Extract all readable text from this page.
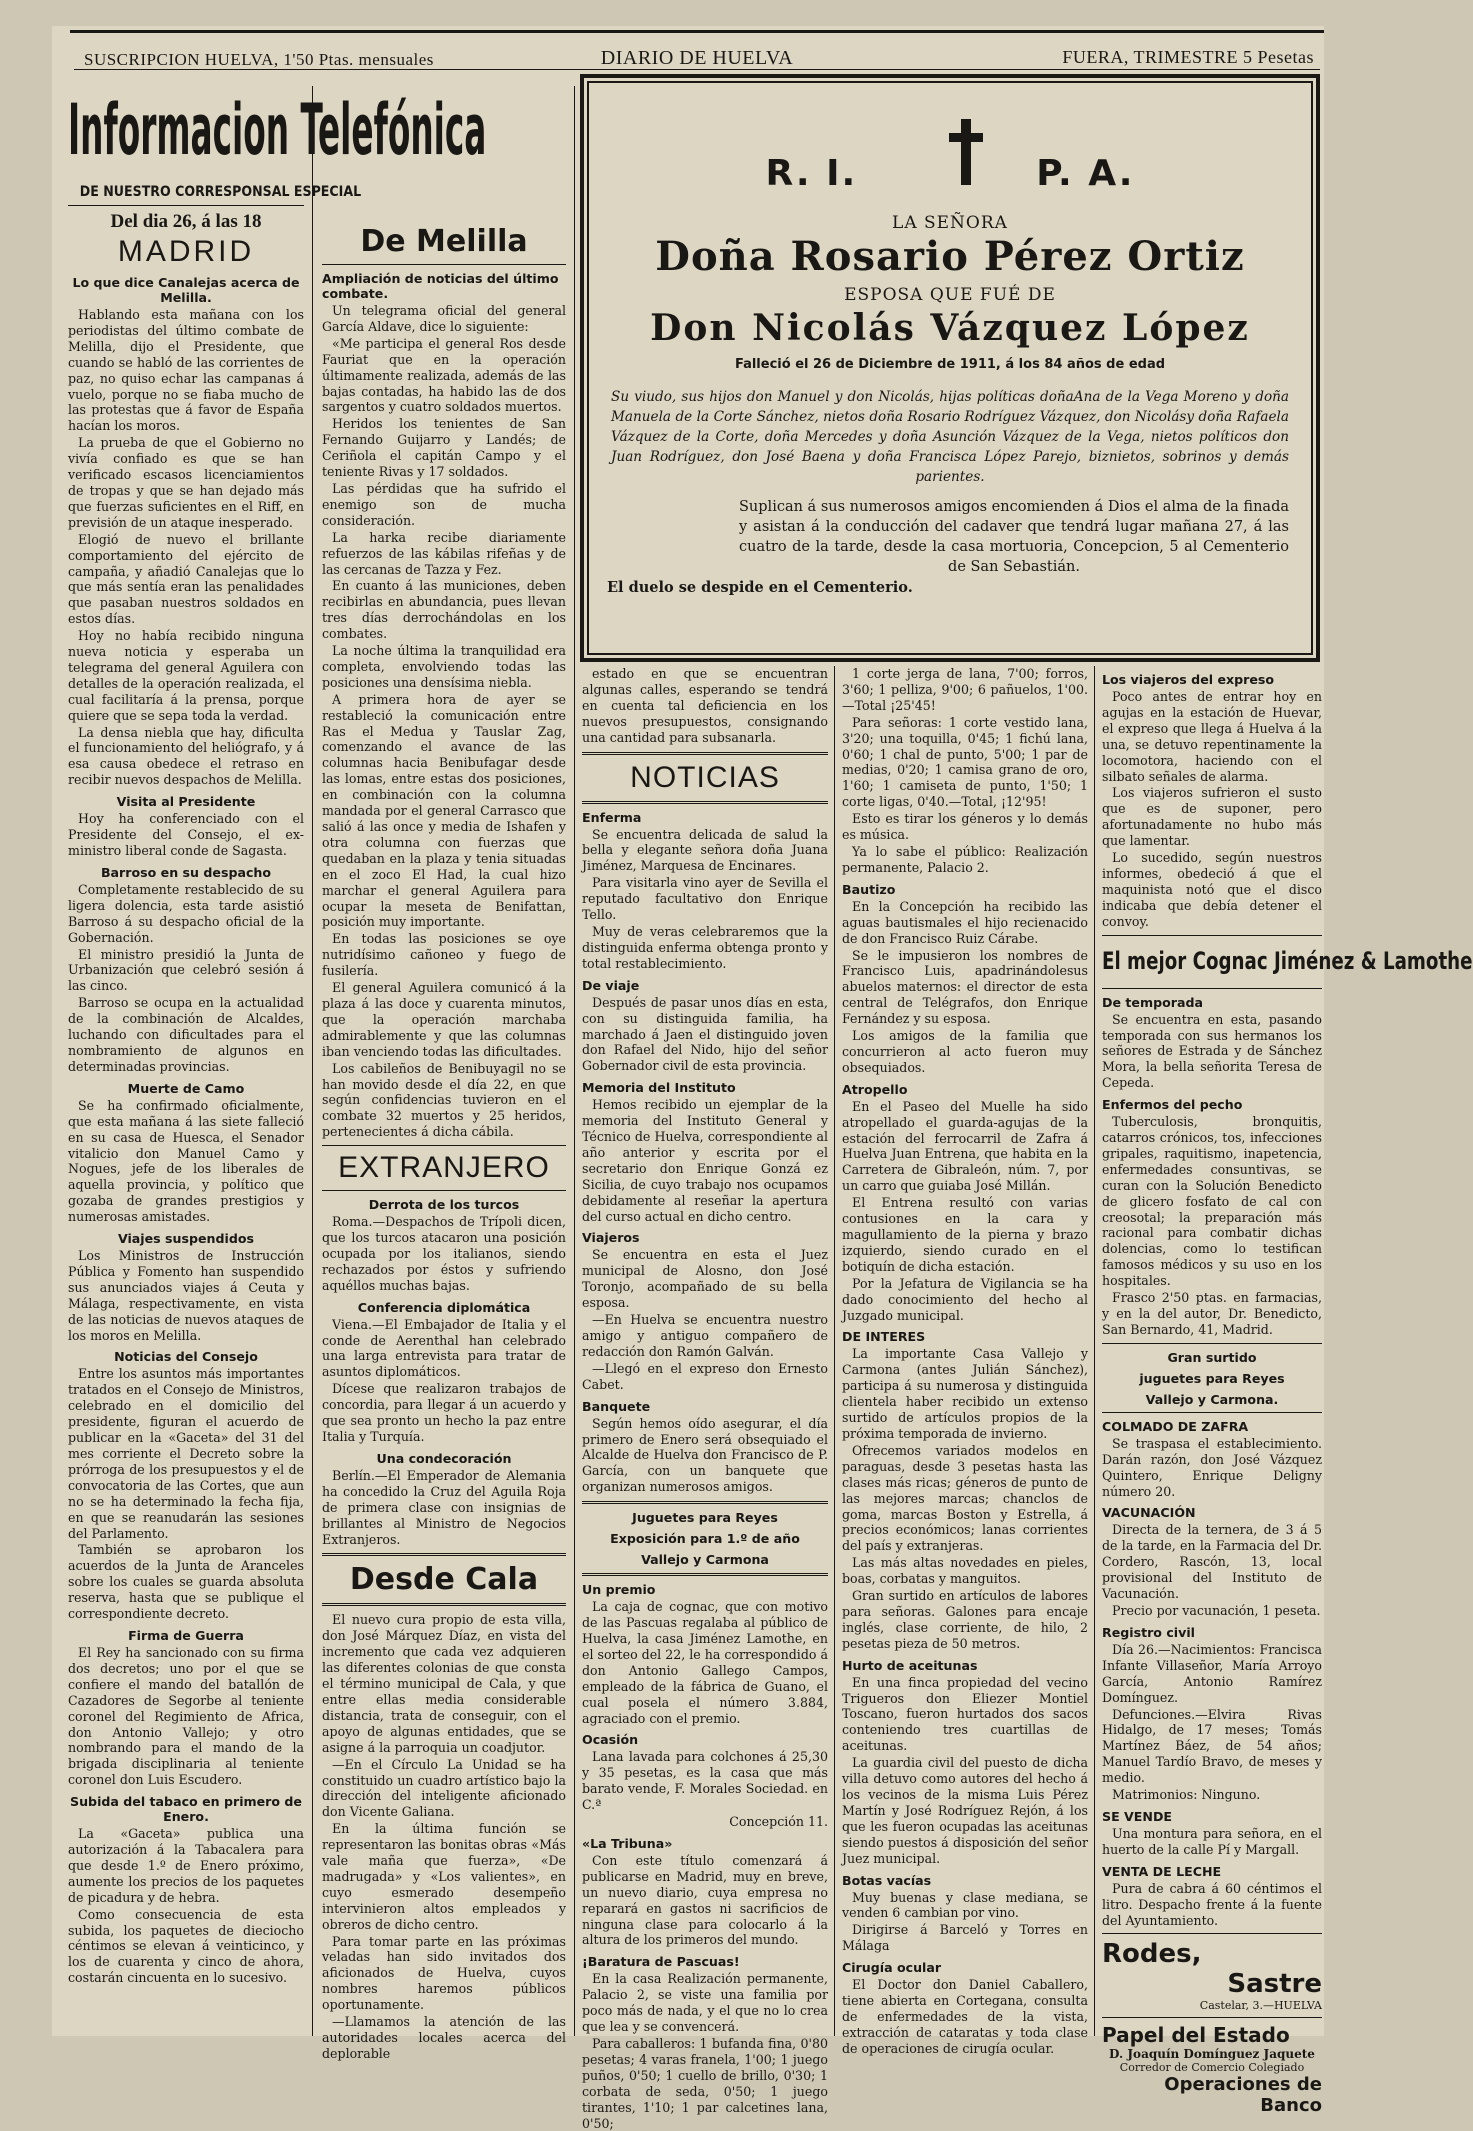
SUSCRIPCION HUELVA, 1'50 Ptas. mensuales	DIARIO DE HUELVA	FUERA, TRIMESTRE 5 Pesetas
Informacion Telefónica
DE NUESTRO CORRESPONSAL ESPECIAL
Del dia 26, á las 18
MADRID
Lo que dice Canalejas acerca de Melilla.

Hablando esta mañana con los periodistas del último combate de Melilla, dijo el Presidente, que cuando se habló de las corrientes de paz, no quiso echar las campanas á vuelo, porque no se fiaba mucho de las protestas que á favor de España hacían los moros.

La prueba de que el Gobierno no vivía confiado es que se han verificado escasos licenciamientos de tropas y que se han dejado más que fuerzas suficientes en el Riff, en previsión de un ataque inesperado.

Elogió de nuevo el brillante comportamiento del ejército de campaña, y añadió Canalejas que lo que más sentía eran las penalidades que pasaban nuestros soldados en estos días.

Hoy no había recibido ninguna nueva noticia y esperaba un telegrama del general Aguilera con detalles de la operación realizada, el cual facilitaría á la prensa, porque quiere que se sepa toda la verdad.

La densa niebla que hay, dificulta el funcionamiento del heliógrafo, y á esa causa obedece el retraso en recibir nuevos despachos de Melilla.

Visita al Presidente

Hoy ha conferenciado con el Presidente del Consejo, el ex-ministro liberal conde de Sagasta.

Barroso en su despacho

Completamente restablecido de su ligera dolencia, esta tarde asistió Barroso á su despacho oficial de la Gobernación.

El ministro presidió la Junta de Urbanización que celebró sesión á las cinco.

Barroso se ocupa en la actualidad de la combinación de Alcaldes, luchando con dificultades para el nombramiento de algunos en determinadas provincias.

Muerte de Camo

Se ha confirmado oficialmente, que esta mañana á las siete falleció en su casa de Huesca, el Senador vitalicio don Manuel Camo y Nogues, jefe de los liberales de aquella provincia, y político que gozaba de grandes prestigios y numerosas amistades.

Viajes suspendidos

Los Ministros de Instrucción Pública y Fomento han suspendido sus anunciados viajes á Ceuta y Málaga, respectivamente, en vista de las noticias de nuevos ataques de los moros en Melilla.

Noticias del Consejo

Entre los asuntos más importantes tratados en el Consejo de Ministros, celebrado en el domicilio del presidente, figuran el acuerdo de publicar en la «Gaceta» del 31 del mes corriente el Decreto sobre la prórroga de los presupuestos y el de convocatoria de las Cortes, que aun no se ha determinado la fecha fija, en que se reanudarán las sesiones del Parlamento.

También se aprobaron los acuerdos de la Junta de Aranceles sobre los cuales se guarda absoluta reserva, hasta que se publique el correspondiente decreto.

Firma de Guerra

El Rey ha sancionado con su firma dos decretos; uno por el que se confiere el mando del batallón de Cazadores de Segorbe al teniente coronel del Regimiento de Africa, don Antonio Vallejo; y otro nombrando para el mando de la brigada disciplinaria al teniente coronel don Luis Escudero.

Subida del tabaco en primero de Enero.

La «Gaceta» publica una autorización á la Tabacalera para que desde 1.º de Enero próximo, aumente los precios de los paquetes de picadura y de hebra.

Como consecuencia de esta subida, los paquetes de dieciocho céntimos se elevan á veinticinco, y los de cuarenta y cinco de ahora, costarán cincuenta en lo sucesivo.

De Melilla
Ampliación de noticias del último combate.

Un telegrama oficial del general García Aldave, dice lo siguiente:

«Me participa el general Ros desde Fauriat que en la operación últimamente realizada, además de las bajas contadas, ha habido las de dos sargentos y cuatro soldados muertos.

Heridos los tenientes de San Fernando Guijarro y Landés; de Ceriñola el capitán Campo y el teniente Rivas y 17 soldados.

Las pérdidas que ha sufrido el enemigo son de mucha consideración.

La harka recibe diariamente refuerzos de las kábilas rifeñas y de las cercanas de Tazza y Fez.

En cuanto á las municiones, deben recibirlas en abundancia, pues llevan tres días derrochándolas en los combates.

La noche última la tranquilidad era completa, envolviendo todas las posiciones una densísima niebla.

A primera hora de ayer se restableció la comunicación entre Ras el Medua y Tauslar Zag, comenzando el avance de las columnas hacia Benibufagar desde las lomas, entre estas dos posiciones, en combinación con la columna mandada por el general Carrasco que salió á las once y media de Ishafen y otra columna con fuerzas que quedaban en la plaza y tenia situadas en el zoco El Had, la cual hizo marchar el general Aguilera para ocupar la meseta de Benifattan, posición muy importante.

En todas las posiciones se oye nutridísimo cañoneo y fuego de fusilería.

El general Aguilera comunicó á la plaza á las doce y cuarenta minutos, que la operación marchaba admirablemente y que las columnas iban venciendo todas las dificultades.

Los cabileños de Benibuyagil no se han movido desde el día 22, en que según confidencias tuvieron en el combate 32 muertos y 25 heridos, pertenecientes á dicha cábila.

EXTRANJERO
Derrota de los turcos

Roma.—Despachos de Trípoli dicen, que los turcos atacaron una posición ocupada por los italianos, siendo rechazados por éstos y sufriendo aquéllos muchas bajas.

Conferencia diplomática

Viena.—El Embajador de Italia y el conde de Aerenthal han celebrado una larga entrevista para tratar de asuntos diplomáticos.

Dícese que realizaron trabajos de concordia, para llegar á un acuerdo y que sea pronto un hecho la paz entre Italia y Turquía.

Una condecoración

Berlín.—El Emperador de Alemania ha concedido la Cruz del Aguila Roja de primera clase con insignias de brillantes al Ministro de Negocios Extranjeros.

Desde Cala

El nuevo cura propio de esta villa, don José Márquez Díaz, en vista del incremento que cada vez adquieren las diferentes colonias de que consta el término municipal de Cala, y que entre ellas media considerable distancia, trata de conseguir, con el apoyo de algunas entidades, que se asigne á la parroquia un coadjutor.

—En el Círculo La Unidad se ha constituido un cuadro artístico bajo la dirección del inteligente aficionado don Vicente Galiana.

En la última función se representaron las bonitas obras «Más vale maña que fuerza», «De madrugada» y «Los valientes», en cuyo esmerado desempeño intervinieron altos empleados y obreros de dicho centro.

Para tomar parte en las próximas veladas han sido invitados dos aficionados de Huelva, cuyos nombres haremos públicos oportunamente.

—Llamamos la atención de las autoridades locales acerca del deplorable

R. I.	P. A.
LA SEÑORA
Doña Rosario Pérez Ortiz
ESPOSA QUE FUÉ DE
Don Nicolás Vázquez López
Falleció el 26 de Diciembre de 1911, á los 84 años de edad
Su viudo, sus hijos don Manuel y don Nicolás, hijas políticas doñaAna de la Vega Moreno y doña Manuela de la Corte Sánchez, nietos doña Rosario Rodríguez Vázquez, don Nicolásy doña Rafaela Vázquez de la Corte, doña Mercedes y doña Asunción Vázquez de la Vega, nietos políticos don Juan Rodríguez, don José Baena y doña Francisca López Parejo, biznietos, sobrinos y demás parientes.
Suplican á sus numerosos amigos encomienden á Dios el alma de la finada y asistan á la conducción del cadaver que tendrá lugar mañana 27, á las cuatro de la tarde, desde la casa mortuoria, Concepcion, 5 al Cementerio de San Sebastián.
El duelo se despide en el Cementerio.

estado en que se encuentran algunas calles, esperando se tendrá en cuenta tal deficiencia en los nuevos presupuestos, consignando una cantidad para subsanarla.

NOTICIAS
Enferma

Se encuentra delicada de salud la bella y elegante señora doña Juana Jiménez, Marquesa de Encinares.

Para visitarla vino ayer de Sevilla el reputado facultativo don Enrique Tello.

Muy de veras celebraremos que la distinguida enferma obtenga pronto y total restablecimiento.

De viaje

Después de pasar unos días en esta, con su distinguida familia, ha marchado á Jaen el distinguido joven don Rafael del Nido, hijo del señor Gobernador civil de esta provincia.

Memoria del Instituto

Hemos recibido un ejemplar de la memoria del Instituto General y Técnico de Huelva, correspondiente al año anterior y escrita por el secretario don Enrique Gonzá ez Sicilia, de cuyo trabajo nos ocupamos debidamente al reseñar la apertura del curso actual en dicho centro.

Viajeros

Se encuentra en esta el Juez municipal de Alosno, don José Toronjo, acompañado de su bella esposa.

—En Huelva se encuentra nuestro amigo y antiguo compañero de redacción don Ramón Galván.

—Llegó en el expreso don Ernesto Cabet.

Banquete

Según hemos oído asegurar, el día primero de Enero será obsequiado el Alcalde de Huelva don Francisco de P. García, con un banquete que organizan numerosos amigos.

Juguetes para Reyes
Exposición para 1.º de año
Vallejo y Carmona
Un premio

La caja de cognac, que con motivo de las Pascuas regalaba al público de Huelva, la casa Jiménez Lamothe, en el sorteo del 22, le ha correspondido á don Antonio Gallego Campos, empleado de la fábrica de Guano, el cual posela el número 3.884, agraciado con el premio.

Ocasión

Lana lavada para colchones á 25,30 y 35 pesetas, es la casa que más barato vende, F. Morales Sociedad. en C.ª

Concepción 11.

«La Tribuna»

Con este título comenzará á publicarse en Madrid, muy en breve, un nuevo diario, cuya empresa no reparará en gastos ni sacrificios de ninguna clase para colocarlo á la altura de los primeros del mundo.

¡Baratura de Pascuas!

En la casa Realización permanente, Palacio 2, se viste una familia por poco más de nada, y el que no lo crea que lea y se convencerá.

Para caballeros: 1 bufanda fina, 0'80 pesetas; 4 varas franela, 1'00; 1 juego puños, 0'50; 1 cuello de brillo, 0'30; 1 corbata de seda, 0'50; 1 juego tirantes, 1'10; 1 par calcetines lana, 0'50;

1 corte jerga de lana, 7'00; forros, 3'60; 1 pelliza, 9'00; 6 pañuelos, 1'00.—Total ¡25'45!

Para señoras: 1 corte vestido lana, 3'20; una toquilla, 0'45; 1 fichú lana, 0'60; 1 chal de punto, 5'00; 1 par de medias, 0'20; 1 camisa grano de oro, 1'60; 1 camiseta de punto, 1'50; 1 corte ligas, 0'40.—Total, ¡12'95!

Esto es tirar los géneros y lo demás es música.

Ya lo sabe el público: Realización permanente, Palacio 2.

Bautizo

En la Concepción ha recibido las aguas bautismales el hijo recienacido de don Francisco Ruiz Cárabe.

Se le impusieron los nombres de Francisco Luis, apadrinándolesus abuelos maternos: el director de esta central de Telégrafos, don Enrique Fernández y su esposa.

Los amigos de la familia que concurrieron al acto fueron muy obsequiados.

Atropello

En el Paseo del Muelle ha sido atropellado el guarda-agujas de la estación del ferrocarril de Zafra á Huelva Juan Entrena, que habita en la Carretera de Gibraleón, núm. 7, por un carro que guiaba José Millán.

El Entrena resultó con varias contusiones en la cara y magullamiento de la pierna y brazo izquierdo, siendo curado en el botiquín de dicha estación.

Por la Jefatura de Vigilancia se ha dado conocimiento del hecho al Juzgado municipal.

DE INTERES

La importante Casa Vallejo y Carmona (antes Julián Sánchez), participa á su numerosa y distinguida clientela haber recibido un extenso surtido de artículos propios de la próxima temporada de invierno.

Ofrecemos variados modelos en paraguas, desde 3 pesetas hasta las clases más ricas; géneros de punto de las mejores marcas; chanclos de goma, marcas Boston y Estrella, á precios económicos; lanas corrientes del país y extranjeras.

Las más altas novedades en pieles, boas, corbatas y manguitos.

Gran surtido en artículos de labores para señoras. Galones para encaje inglés, clase corriente, de hilo, 2 pesetas pieza de 50 metros.

Hurto de aceitunas

En una finca propiedad del vecino Trigueros don Eliezer Montiel Toscano, fueron hurtados dos sacos conteniendo tres cuartillas de aceitunas.

La guardia civil del puesto de dicha villa detuvo como autores del hecho á los vecinos de la misma Luis Pérez Martín y José Rodríguez Rejón, á los que les fueron ocupadas las aceitunas siendo puestos á disposición del señor Juez municipal.

Botas vacías

Muy buenas y clase mediana, se venden 6 cambian por vino.

Dirigirse á Barceló y Torres en Málaga

Cirugía ocular

El Doctor don Daniel Caballero, tiene abierta en Cortegana, consulta de enfermedades de la vista, extracción de cataratas y toda clase de operaciones de cirugía ocular.

Los viajeros del expreso

Poco antes de entrar hoy en agujas en la estación de Huevar, el expreso que llega á Huelva á la una, se detuvo repentinamente la locomotora, haciendo con el silbato señales de alarma.

Los viajeros sufrieron el susto que es de suponer, pero afortunadamente no hubo más que lamentar.

Lo sucedido, según nuestros informes, obedeció á que el maquinista notó que el disco indicaba que debía detener el convoy.

El mejor Cognac Jiménez & Lamothe
De temporada

Se encuentra en esta, pasando temporada con sus hermanos los señores de Estrada y de Sánchez Mora, la bella señorita Teresa de Cepeda.

Enfermos del pecho

Tuberculosis, bronquitis, catarros crónicos, tos, infecciones gripales, raquitismo, inapetencia, enfermedades consuntivas, se curan con la Solución Benedicto de glicero fosfato de cal con creosotal; la preparación más racional para combatir dichas dolencias, como lo testifican famosos médicos y su uso en los hospitales.

Frasco 2'50 ptas. en farmacias, y en la del autor, Dr. Benedicto, San Bernardo, 41, Madrid.

Gran surtido
juguetes para Reyes
Vallejo y Carmona.
COLMADO DE ZAFRA

Se traspasa el establecimiento. Darán razón, don José Vázquez Quintero, Enrique Deligny número 20.

VACUNACIÓN

Directa de la ternera, de 3 á 5 de la tarde, en la Farmacia del Dr. Cordero, Rascón, 13, local provisional del Instituto de Vacunación.

Precio por vacunación, 1 peseta.

Registro civil

Día 26.—Nacimientos: Francisca Infante Villaseñor, María Arroyo García, Antonio Ramírez Domínguez.

Defunciones.—Elvira Rivas Hidalgo, de 17 meses; Tomás Martínez Báez, de 54 años; Manuel Tardío Bravo, de meses y medio.

Matrimonios: Ninguno.

SE VENDE

Una montura para señora, en el huerto de la calle Pí y Margall.

VENTA DE LECHE

Pura de cabra á 60 céntimos el litro. Despacho frente á la fuente del Ayuntamiento.

Rodes,
Sastre
Castelar, 3.—HUELVA
Papel del Estado
D. Joaquín Domínguez Jaquete
Corredor de Comercio Colegiado
Operaciones de Banco
